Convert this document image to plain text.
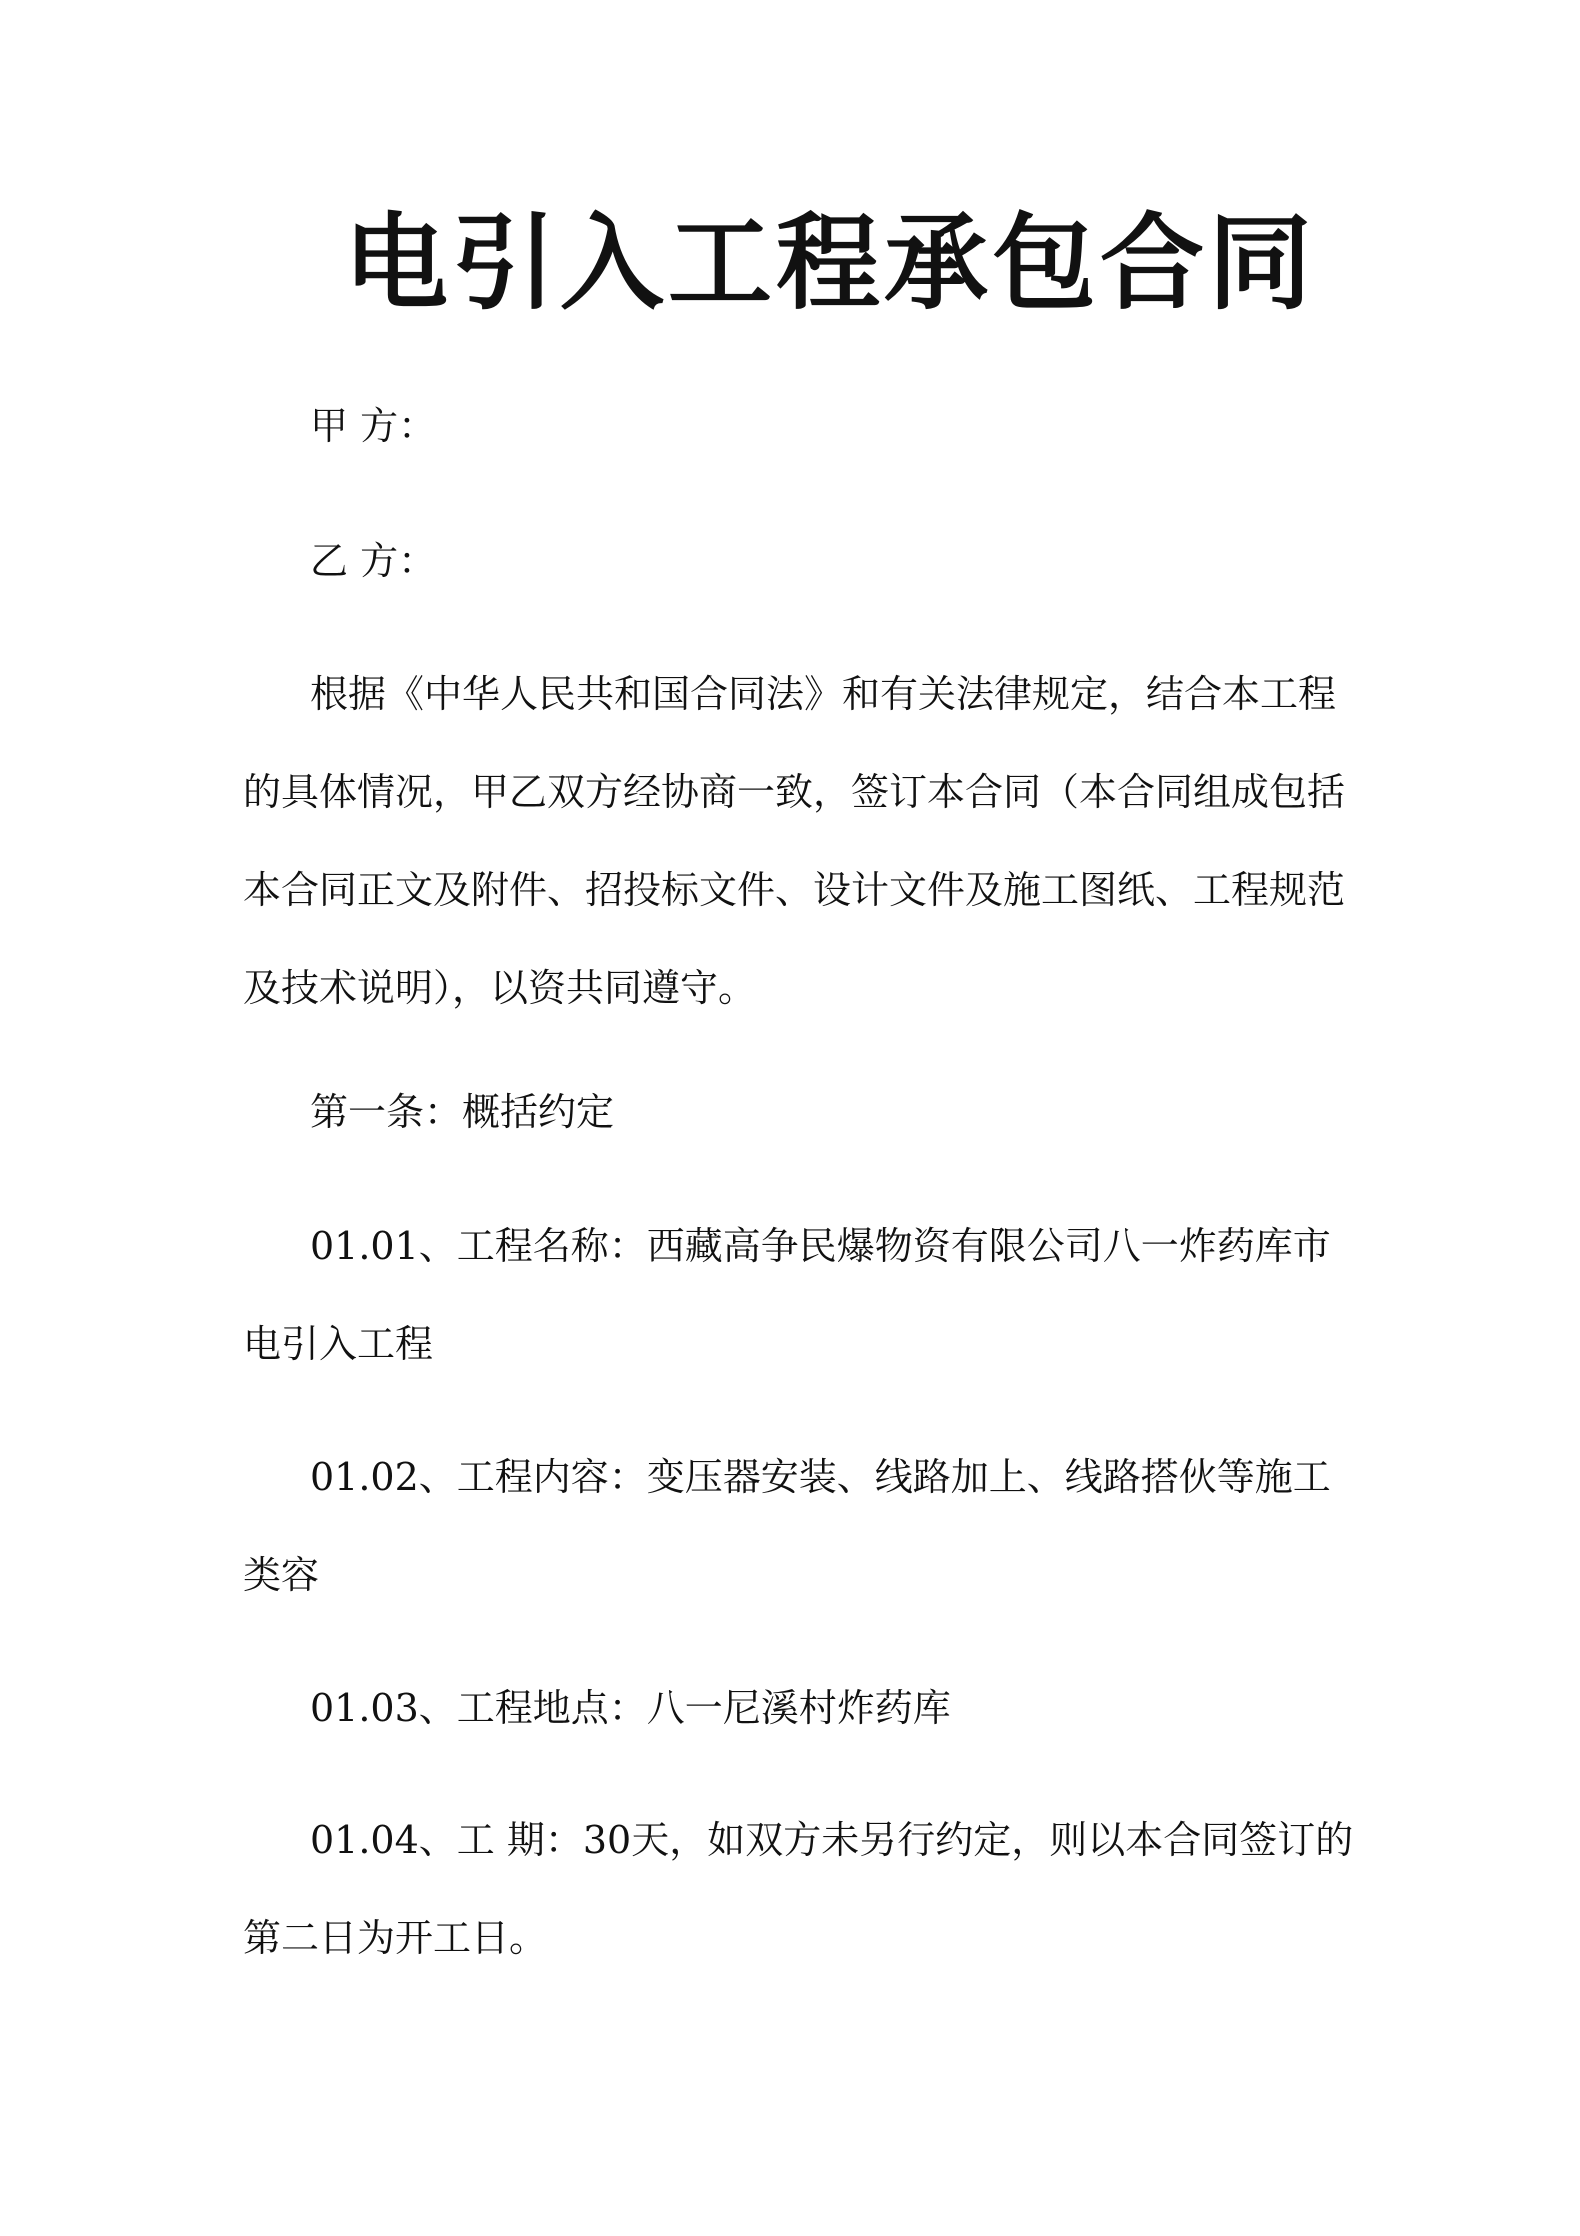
电引入工程承包合同

甲 方：

乙 方：

根据《中华人民共和国合同法》和有关法律规定，结合本工程的具体情况，甲乙双方经协商一致，签订本合同（本合同组成包括本合同正文及附件、招投标文件、设计文件及施工图纸、工程规范及技术说明），以资共同遵守。

第一条：概括约定

01.01、工程名称：西藏高争民爆物资有限公司八一炸药库市电引入工程

01.02、工程内容：变压器安装、线路加上、线路搭伙等施工类容

01.03、工程地点：八一尼溪村炸药库

01.04、工 期：30天，如双方未另行约定，则以本合同签订的第二日为开工日。
